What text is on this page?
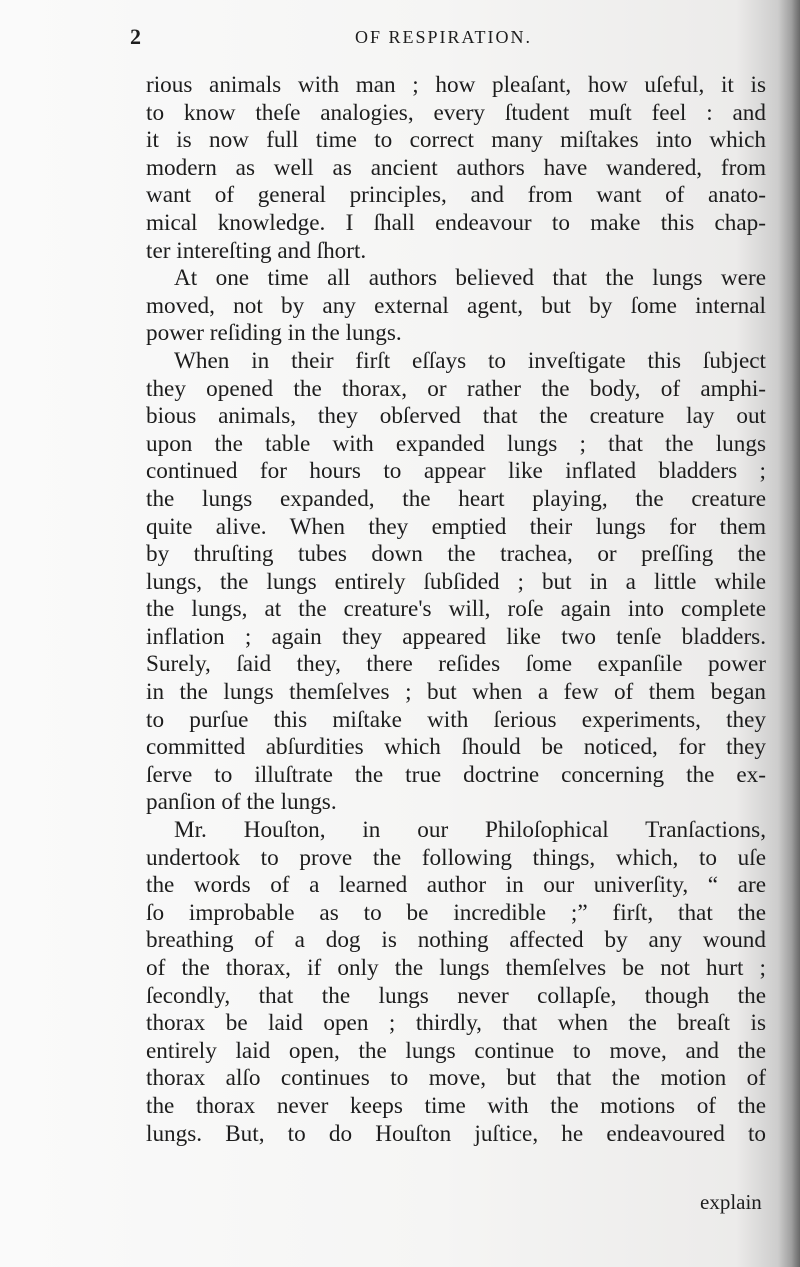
2	OF RESPIRATION.
rious animals with man ; how pleaſant, how uſeful, it is
to know theſe analogies, every ſtudent muſt feel : and
it is now full time to correct many miſtakes into which
modern as well as ancient authors have wandered, from
want of general principles, and from want of anato-
mical knowledge. I ſhall endeavour to make this chap-
ter intereſting and ſhort.
At one time all authors believed that the lungs were
moved, not by any external agent, but by ſome internal
power reſiding in the lungs.
When in their firſt eſſays to inveſtigate this ſubject
they opened the thorax, or rather the body, of amphi-
bious animals, they obſerved that the creature lay out
upon the table with expanded lungs ; that the lungs
continued for hours to appear like inflated bladders ;
the lungs expanded, the heart playing, the creature
quite alive. When they emptied their lungs for them
by thruſting tubes down the trachea, or preſſing the
lungs, the lungs entirely ſubſided ; but in a little while
the lungs, at the creature's will, roſe again into complete
inflation ; again they appeared like two tenſe bladders.
Surely, ſaid they, there reſides ſome expanſile power
in the lungs themſelves ; but when a few of them began
to purſue this miſtake with ſerious experiments, they
committed abſurdities which ſhould be noticed, for they
ſerve to illuſtrate the true doctrine concerning the ex-
panſion of the lungs.
Mr. Houſton, in our Philoſophical Tranſactions,
undertook to prove the following things, which, to uſe
the words of a learned author in our univerſity, “ are
ſo improbable as to be incredible ;” firſt, that the
breathing of a dog is nothing affected by any wound
of the thorax, if only the lungs themſelves be not hurt ;
ſecondly, that the lungs never collapſe, though the
thorax be laid open ; thirdly, that when the breaſt is
entirely laid open, the lungs continue to move, and the
thorax alſo continues to move, but that the motion of
the thorax never keeps time with the motions of the
lungs. But, to do Houſton juſtice, he endeavoured to
explain
